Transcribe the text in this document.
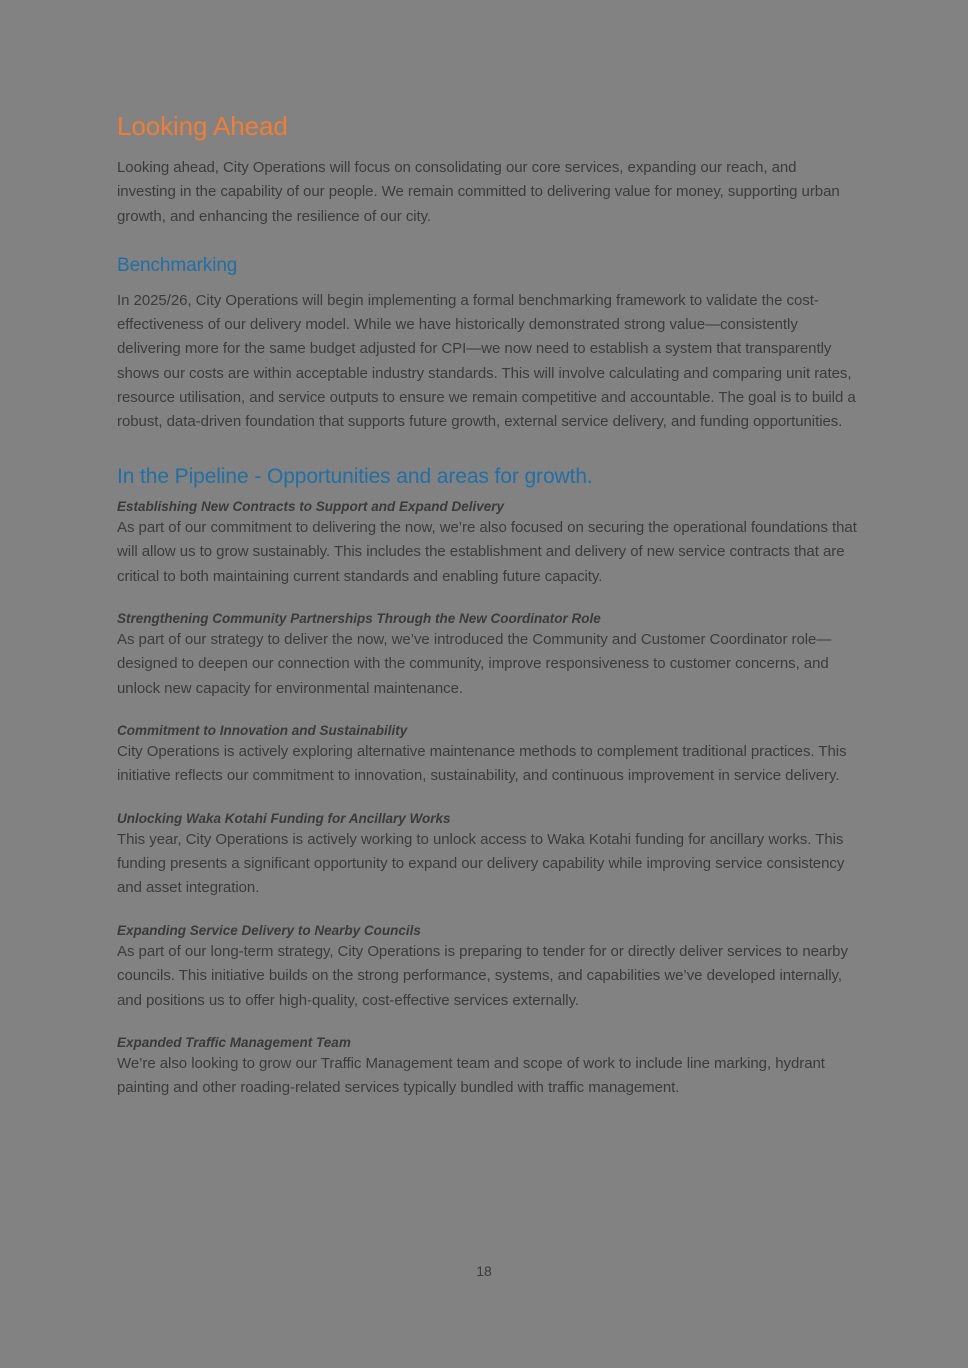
Looking Ahead

Looking ahead, City Operations will focus on consolidating our core services, expanding our reach, and investing in the capability of our people. We remain committed to delivering value for money, supporting urban growth, and enhancing the resilience of our city.

Benchmarking

In 2025/26, City Operations will begin implementing a formal benchmarking framework to validate the cost-effectiveness of our delivery model. While we have historically demonstrated strong value—consistently delivering more for the same budget adjusted for CPI—we now need to establish a system that transparently shows our costs are within acceptable industry standards. This will involve calculating and comparing unit rates, resource utilisation, and service outputs to ensure we remain competitive and accountable. The goal is to build a robust, data-driven foundation that supports future growth, external service delivery, and funding opportunities.

In the Pipeline - Opportunities and areas for growth.
Establishing New Contracts to Support and Expand Delivery

As part of our commitment to delivering the now, we’re also focused on securing the operational foundations that will allow us to grow sustainably. This includes the establishment and delivery of new service contracts that are critical to both maintaining current standards and enabling future capacity.

Strengthening Community Partnerships Through the New Coordinator Role

As part of our strategy to deliver the now, we’ve introduced the Community and Customer Coordinator role—designed to deepen our connection with the community, improve responsiveness to customer concerns, and unlock new capacity for environmental maintenance.

Commitment to Innovation and Sustainability

City Operations is actively exploring alternative maintenance methods to complement traditional practices. This initiative reflects our commitment to innovation, sustainability, and continuous improvement in service delivery.

Unlocking Waka Kotahi Funding for Ancillary Works

This year, City Operations is actively working to unlock access to Waka Kotahi funding for ancillary works. This funding presents a significant opportunity to expand our delivery capability while improving service consistency and asset integration.

Expanding Service Delivery to Nearby Councils

As part of our long-term strategy, City Operations is preparing to tender for or directly deliver services to nearby councils. This initiative builds on the strong performance, systems, and capabilities we’ve developed internally, and positions us to offer high-quality, cost-effective services externally.

Expanded Traffic Management Team

We’re also looking to grow our Traffic Management team and scope of work to include line marking, hydrant painting and other roading-related services typically bundled with traffic management.

18
